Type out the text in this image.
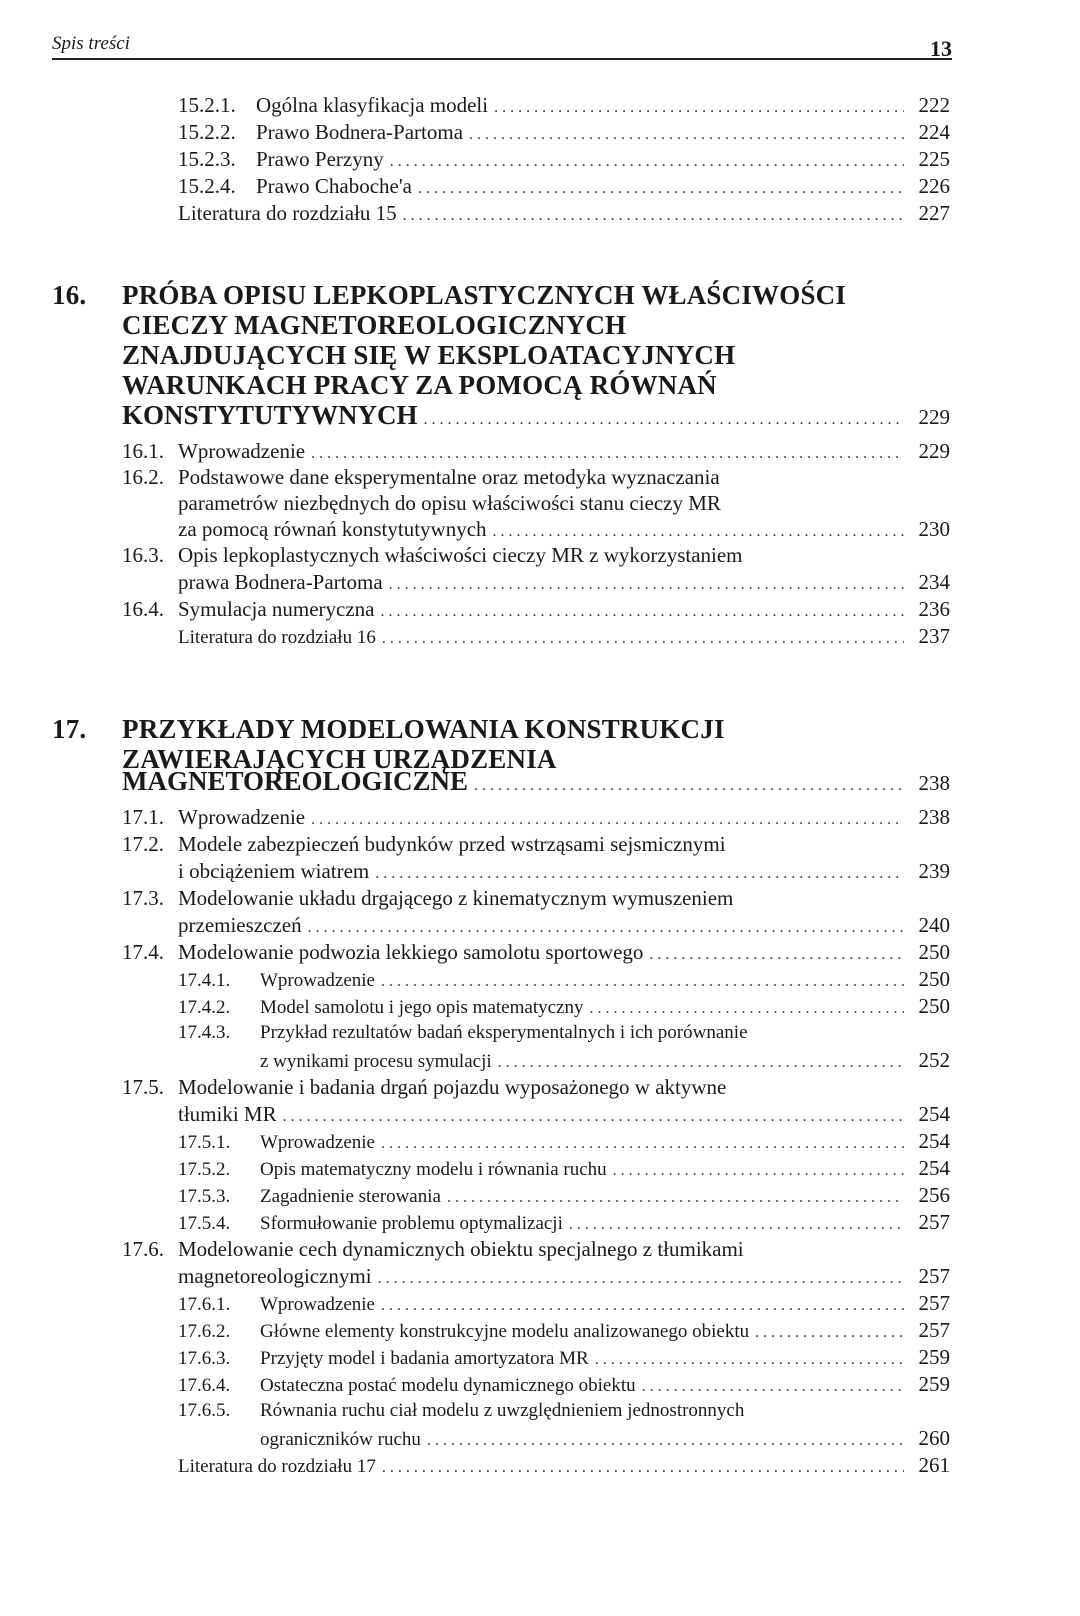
Spis treści	13
15.2.1. Ogólna klasyfikacja modeli . . .	222
15.2.2. Prawo Bodnera-Partoma . . .	224
15.2.3. Prawo Perzyny . . .	225
15.2.4. Prawo Chaboche'a . . .	226
Literatura do rozdziału 15 . . .	227
16. PRÓBA OPISU LEPKOPLASTYCZNYCH WŁAŚCIWOŚCI
CIECZY MAGNETOREOLOGICZNYCH
ZNAJDUJĄCYCH SIĘ W EKSPLOATACYJNYCH
WARUNKACH PRACY ZA POMOCĄ RÓWNAŃ
KONSTYTUTYWNYCH . . .	229
16.1. Wprowadzenie . . .	229
16.2. Podstawowe dane eksperymentalne oraz metodyka wyznaczania
parametrów niezbędnych do opisu właściwości stanu cieczy MR
za pomocą równań konstytutywnych . . .	230
16.3. Opis lepkoplastycznych właściwości cieczy MR z wykorzystaniem
prawa Bodnera-Partoma . . .	234
16.4. Symulacja numeryczna . . .	236
Literatura do rozdziału 16 . . .	237
17. PRZYKŁADY MODELOWANIA KONSTRUKCJI
ZAWIERAJĄCYCH URZĄDZENIA
MAGNETOREOLOGICZNE . . .	238
17.1. Wprowadzenie . . .	238
17.2. Modele zabezpieczeń budynków przed wstrząsami sejsmicznymi
i obciążeniem wiatrem . . .	239
17.3. Modelowanie układu drgającego z kinematycznym wymuszeniem
przemieszczeń . . .	240
17.4. Modelowanie podwozia lekkiego samolotu sportowego . . .	250
17.4.1.	Wprowadzenie . . .	250
17.4.2.	Model samolotu i jego opis matematyczny . . .	250
17.4.3. Przykład rezultatów badań eksperymentalnych i ich porównanie
z wynikami procesu symulacji . . .	252
17.5. Modelowanie i badania drgań pojazdu wyposażonego w aktywne
tłumiki MR . . .	254
17.5.1.	Wprowadzenie . . .	254
17.5.2.	Opis matematyczny modelu i równania ruchu . . .	254
17.5.3.	Zagadnienie sterowania . . .	256
17.5.4.	Sformułowanie problemu optymalizacji . . .	257
17.6. Modelowanie cech dynamicznych obiektu specjalnego z tłumikami
magnetoreologicznymi . . .	257
17.6.1.	Wprowadzenie . . .	257
17.6.2.	Główne elementy konstrukcyjne modelu analizowanego obiektu . . .	257
17.6.3.	Przyjęty model i badania amortyzatora MR . . .	259
17.6.4.	Ostateczna postać modelu dynamicznego obiektu . . .	259
17.6.5. Równania ruchu ciał modelu z uwzględnieniem jednostronnych
ograniczników ruchu . . .	260
Literatura do rozdziału 17 . . .	261
